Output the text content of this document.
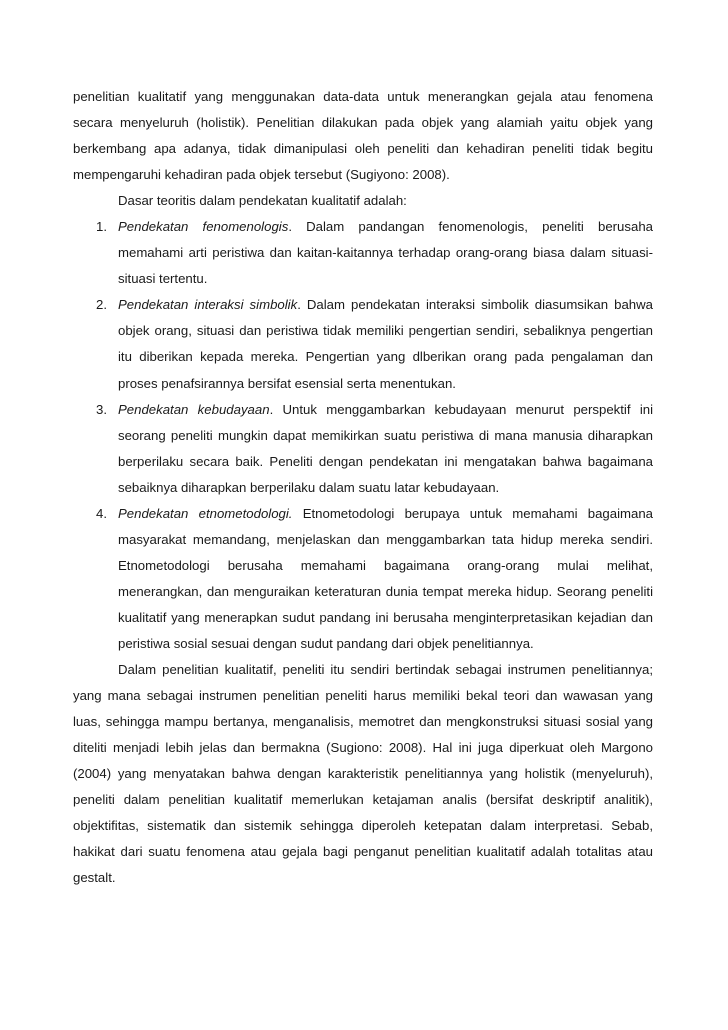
penelitian kualitatif yang menggunakan data-data untuk menerangkan gejala atau fenomena secara menyeluruh (holistik). Penelitian dilakukan pada objek yang alamiah yaitu objek yang berkembang apa adanya, tidak dimanipulasi oleh peneliti dan kehadiran peneliti tidak begitu mempengaruhi kehadiran pada objek tersebut (Sugiyono: 2008).

Dasar teoritis dalam pendekatan kualitatif adalah:

1. Pendekatan fenomenologis. Dalam pandangan fenomenologis, peneliti berusaha memahami arti peristiwa dan kaitan-kaitannya terhadap orang-orang biasa dalam situasi-situasi tertentu.
2. Pendekatan interaksi simbolik. Dalam pendekatan interaksi simbolik diasumsikan bahwa objek orang, situasi dan peristiwa tidak memiliki pengertian sendiri, sebaliknya pengertian itu diberikan kepada mereka. Pengertian yang dlberikan orang pada pengalaman dan proses penafsirannya bersifat esensial serta menentukan.
3. Pendekatan kebudayaan. Untuk menggambarkan kebudayaan menurut perspektif ini seorang peneliti mungkin dapat memikirkan suatu peristiwa di mana manusia diharapkan berperilaku secara baik. Peneliti dengan pendekatan ini mengatakan bahwa bagaimana sebaiknya diharapkan berperilaku dalam suatu latar kebudayaan.
4. Pendekatan etnometodologi. Etnometodologi berupaya untuk memahami bagaimana masyarakat memandang, menjelaskan dan menggambarkan tata hidup mereka sendiri. Etnometodologi berusaha memahami bagaimana orang-orang mulai melihat, menerangkan, dan menguraikan keteraturan dunia tempat mereka hidup. Seorang peneliti kualitatif yang menerapkan sudut pandang ini berusaha menginterpretasikan kejadian dan peristiwa sosial sesuai dengan sudut pandang dari objek penelitiannya.

Dalam penelitian kualitatif, peneliti itu sendiri bertindak sebagai instrumen penelitiannya; yang mana sebagai instrumen penelitian peneliti harus memiliki bekal teori dan wawasan yang luas, sehingga mampu bertanya, menganalisis, memotret dan mengkonstruksi situasi sosial yang diteliti menjadi lebih jelas dan bermakna (Sugiono: 2008). Hal ini juga diperkuat oleh Margono (2004) yang menyatakan bahwa dengan karakteristik penelitiannya yang holistik (menyeluruh), peneliti dalam penelitian kualitatif memerlukan ketajaman analis (bersifat deskriptif analitik), objektifitas, sistematik dan sistemik sehingga diperoleh ketepatan dalam interpretasi. Sebab, hakikat dari suatu fenomena atau gejala bagi penganut penelitian kualitatif adalah totalitas atau gestalt.
